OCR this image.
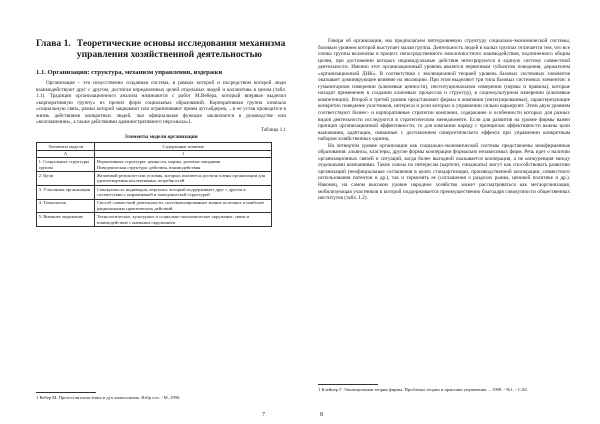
Глава 1. Теоретические основы исследования механизма управления хозяйственной деятельностью
1.1. Организация: структура, механизм управления, издержки

Организация – это искусственно созданная система, в рамках которой и посредством которой люди взаимодействуют друг с другом, достигая определенных целей отдельных людей и коллектива в целом (табл. 1.1). Традиции организационного анализа начинаются с работ М.Вебера, который впервые выделил «корпоративную группу» из прочих форм социальных образований. Корпоративная группа означала «социальную связь, рамки которой закрывают или ограничивают прием аутсайдеров, ...и ее устав проводится в жизнь действиями конкретных людей, чья официальная функция заключается в руководстве или «возглавлении», а также действиями административного персонала»1.

Таблица 1.1
Элементы модели организации
Элементы модели	Содержание понятия
А	1
1. Социальные структуры группы	Нормативные структуры: ценности, нормы, ролевые ожидания
Поведенческая структура: действия, взаимодействия
2. Цели	Желаемый результат или условия, которых пытаются достичь члены организации для удовлетворения коллективных потребностей
3. Участники организации	Совокупность индивидов, персонал, который поддерживает друг с другом в соответствии с нормативной и поведенческой структурой
4. Технология	Способ совместной деятельности, систематизированное знание полезных и наиболее рациональных практических действий
5. Внешнее окружение	Технологическое, культурное и социально-экономическое окружение, связи и взаимодействие с внешним окружением
1 Вебер М. Протестантская этика и дух капитализма. Избр.соч. - М.,1990.
7

Говоря об организации, мы предполагаем пятиуровневую структуру социально-экономической системы, базовым уровнем которой выступает малая группа. Деятельность людей в малых группах отличается тем, что все члены группы включены в процесс непосредственного межличностного взаимодействия, подчиненного общим целям, при достижении которых индивидуальные действия интегрируются в единую систему совместной деятельности. Именно этот организационный уровень является первичным субъектом поведения, держателем «организационной ДНК». В соответствии с эволюционной теорией уровень базовых системных элементов оказывает доминирующее влияние на эволюцию. При этом выделяют три типа базовых системных элементов: в гуманитарном измерении (ключевые ценности), институциональном измерении (нормы и правила), которые находят применение в создании ключевых процессов и структур), в социокультурном измерении (ключевые компетенции). Второй и третий уровни представляют фирмы и компании (интегрированные), характеризующие конкретно поведение участников, интересы и роли которых в управлении сильно варьируют. Этим двум уровням соответствуют бизнес- и корпоративные стратегии компании, содержание и особенности которых для разных видов деятельности исследуются в стратегическом менеджменте. Если для развития на уровне фирмы важен принцип организационной эффективности, то для компании наряду с принципом эффективности важны цели выживания, адаптации, связанные с достижением синергетического эффекта при управлении конкретным набором хозяйственных единиц.

На четвертом уровне организации как социально-экономической системы представлены межфирменные образования: альянсы, кластеры, другие формы кооперации формально независимых фирм. Речь идет о наличии организационных связей и ситуаций, когда более выгодной оказывается кооперация, а не конкуренция между отдельными компаниями. Такие союзы по интересам (картели, синдикаты) могут как способствовать развитию организаций (неофициальные соглашения в целях стандартизации, производственной кооперации, совместного использования патентов и др.), так и тормозить ее (соглашения о разделах рынка, ценовой политике и др.). Наконец, на самом высоком уровне народное хозяйство может рассматриваться как метаорганизация, мобилизующая участников в которой поддерживается преимущественно благодаря совокупности общественных институтов (табл. 1.2).

1 Клейнер Г. Эволюционная теория фирмы. Проблемы теории и практики управления. – 1998. - №1. - С.84.
8
